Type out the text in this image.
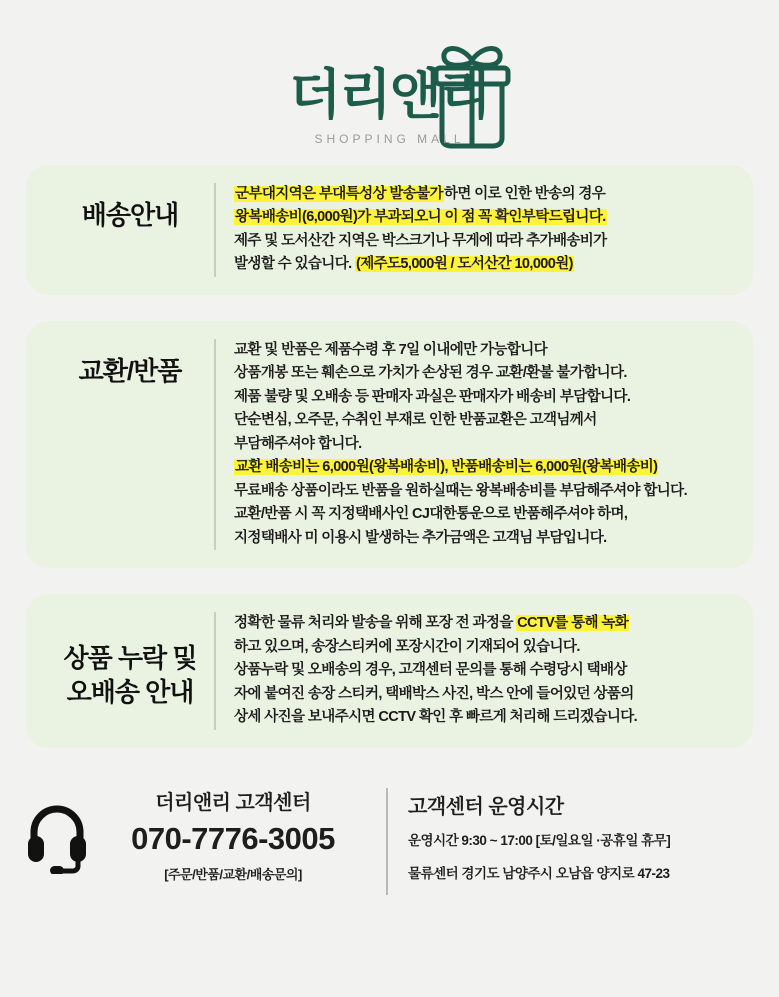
더리앤리
SHOPPING MALL
배송안내

군부대지역은 부대특성상 발송불가하면 이로 인한 반송의 경우

왕복배송비(6,000원)가 부과되오니 이 점 꼭 확인부탁드립니다.

제주 및 도서산간 지역은 박스크기나 무게에 따라 추가배송비가

발생할 수 있습니다. (제주도5,000원 / 도서산간 10,000원)

교환/반품

교환 및 반품은 제품수령 후 7일 이내에만 가능합니다

상품개봉 또는 훼손으로 가치가 손상된 경우 교환/환불 불가합니다.

제품 불량 및 오배송 등 판매자 과실은 판매자가 배송비 부담합니다.

단순변심, 오주문, 수취인 부재로 인한 반품교환은 고객님께서

부담해주셔야 합니다.

교환 배송비는 6,000원(왕복배송비), 반품배송비는 6,000원(왕복배송비)

무료배송 상품이라도 반품을 원하실때는 왕복배송비를 부담해주셔야 합니다.

교환/반품 시 꼭 지정택배사인 CJ대한통운으로 반품해주셔야 하며,

지정택배사 미 이용시 발생하는 추가금액은 고객님 부담입니다.

상품 누락 및
오배송 안내

정확한 물류 처리와 발송을 위해 포장 전 과정을 CCTV를 통해 녹화

하고 있으며, 송장스티커에 포장시간이 기재되어 있습니다.

상품누락 및 오배송의 경우, 고객센터 문의를 통해 수령당시 택배상

자에 붙여진 송장 스티커, 택배박스 사진, 박스 안에 들어있던 상품의

상세 사진을 보내주시면 CCTV 확인 후 빠르게 처리해 드리겠습니다.

더리앤리 고객센터
070-7776-3005
[주문/반품/교환/배송문의]
고객센터 운영시간
운영시간 9:30 ~ 17:00 [토/일요일 ·공휴일 휴무]
물류센터 경기도 남양주시 오남읍 양지로 47-23
